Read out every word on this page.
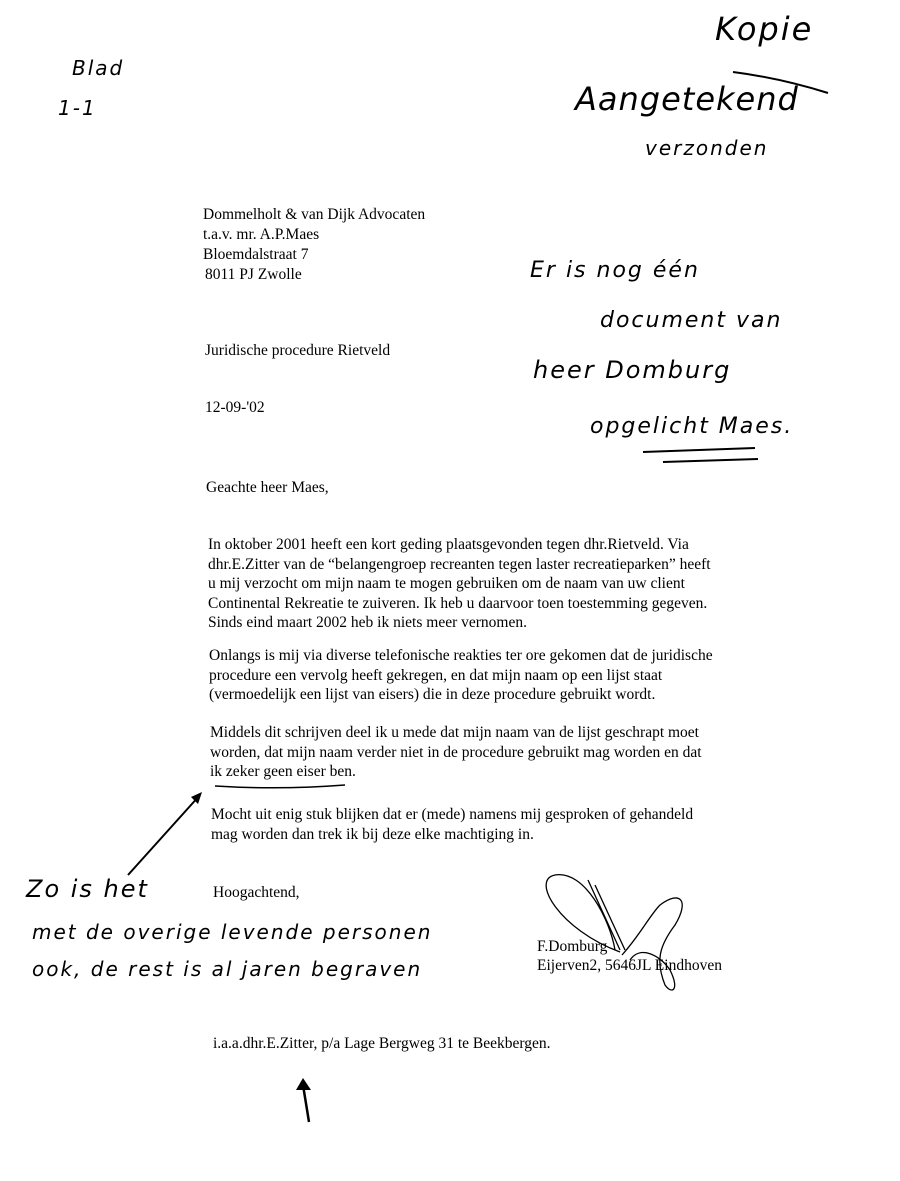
Blad
1-1
Kopie
Aangetekend
verzonden
Er is nog één
document van
heer Domburg
opgelicht Maes.
Zo is het
met de overige levende personen
ook, de rest is al jaren begraven
Dommelholt & van Dijk Advocaten
t.a.v. mr. A.P.Maes
Bloemdalstraat 7
8011 PJ Zwolle
Juridische procedure Rietveld
12-09-'02
Geachte heer Maes,
In oktober 2001 heeft een kort geding plaatsgevonden tegen dhr.Rietveld. Via
dhr.E.Zitter van de “belangengroep recreanten tegen laster recreatieparken” heeft
u mij verzocht om mijn naam te mogen gebruiken om de naam van uw client
Continental Rekreatie te zuiveren. Ik heb u daarvoor toen toestemming gegeven.
Sinds eind maart 2002 heb ik niets meer vernomen.
Onlangs is mij via diverse telefonische reakties ter ore gekomen dat de juridische
procedure een vervolg heeft gekregen, en dat mijn naam op een lijst staat
(vermoedelijk een lijst van eisers) die in deze procedure gebruikt wordt.
Middels dit schrijven deel ik u mede dat mijn naam van de lijst geschrapt moet
worden, dat mijn naam verder niet in de procedure gebruikt mag worden en dat
ik zeker geen eiser ben.
Mocht uit enig stuk blijken dat er (mede) namens mij gesproken of gehandeld
mag worden dan trek ik bij deze elke machtiging in.
Hoogachtend,
F.Domburg
Eijerven2, 5646JL Eindhoven
i.a.a.dhr.E.Zitter, p/a Lage Bergweg 31 te Beekbergen.
